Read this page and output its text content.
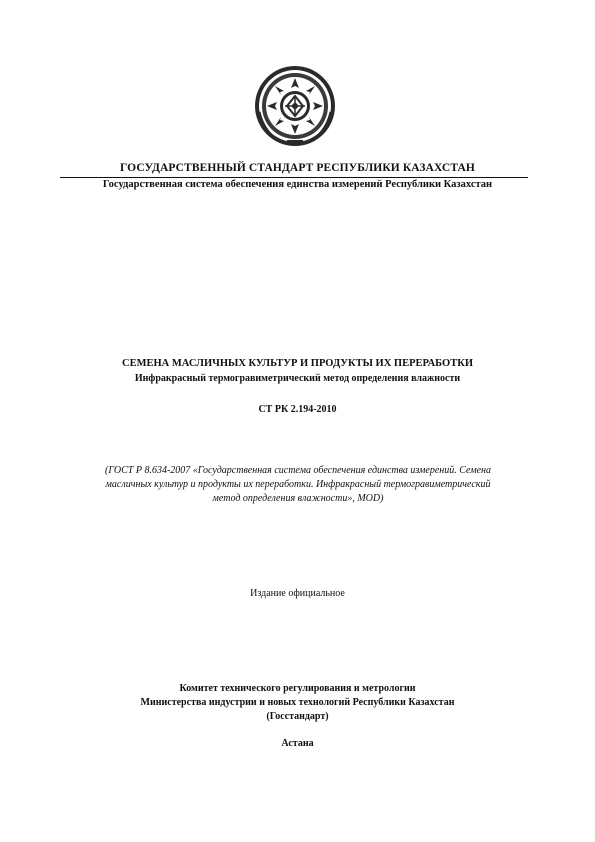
ГОСУДАРСТВЕННЫЙ СТАНДАРТ РЕСПУБЛИКИ КАЗАХСТАН
Государственная система обеспечения единства измерений Республики Казахстан
СЕМЕНА МАСЛИЧНЫХ КУЛЬТУР И ПРОДУКТЫ ИХ ПЕРЕРАБОТКИ
Инфракрасный термогравиметрический метод определения влажности
СТ РК 2.194-2010
(ГОСТ Р 8.634-2007 «Государственная система обеспечения единства измерений. Семена
масличных культур и продукты их переработки. Инфракрасный термогравиметрический
метод определения влажности», MOD)
Издание официальное
Комитет технического регулирования и метрологии
Министерства индустрии и новых технологий Республики Казахстан
(Госстандарт)
Астана
